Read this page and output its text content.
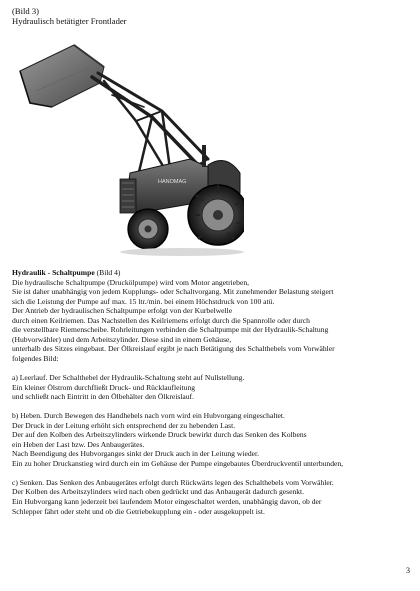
(Bild 3)
Hydraulisch betätigter Frontlader
HANOMAG

Hydraulik - Schaltpumpe (Bild 4)

Die hydraulische Schaltpumpe (Druckölpumpe) wird vom Motor angetrieben,
Sie ist daher unabhängig von jedem Kupplungs- oder Schaltvorgang. Mit zunehmender Belastung steigert
sich die Leistung der Pumpe auf max. 15 ltr./min. bei einem Höchstdruck von 100 atü.
Der Antrieb der hydraulischen Schaltpumpe erfolgt von der Kurbelwelle
durch einen Keilriemen. Das Nachstellen des Keilriemens erfolgt durch die Spannrolle oder durch
die verstellbare Riemenscheibe. Rohrleitungen verbinden die Schaltpumpe mit der Hydraulik-Schaltung
(Hubvorwähler) und dem Arbeitszylinder. Diese sind in einem Gehäuse,
unterhalb des Sitzes eingebaut. Der Ölkreislauf ergibt je nach Betätigung des Schalthebels vom Vorwähler
folgendes Bild:

a) Leerlauf. Der Schalthebel der Hydraulik-Schaltung steht auf Nullstellung.
Ein kleiner Ölstrom durchfließt Druck- und Rücklaufleitung
und schließt nach Eintritt in den Ölbehälter den Ölkreislauf.

b) Heben. Durch Bewegen des Handhebels nach vorn wird ein Hubvorgang eingeschaltet.
Der Druck in der Leitung erhöht sich entsprechend der zu hebenden Last.
Der auf den Kolben des Arbeitszylinders wirkende Druck bewirkt durch das Senken des Kolbens
ein Heben der Last bzw. Des Anbaugerätes.
Nach Beendigung des Hubvorganges sinkt der Druck auch in der Leitung wieder.
Ein zu hoher Druckanstieg wird durch ein im Gehäuse der Pumpe eingebautes Überdruckventil unterbunden,

c) Senken. Das Senken des Anbaugerätes erfolgt durch Rückwärts legen des Schalthebels vom Vorwähler.
Der Kolben des Arbeitszylinders wird nach oben gedrückt und das Anbaugerät dadurch gesenkt.
Ein Hubvorgang kann jederzeit bei laufendem Motor eingeschaltet werden, unabhängig davon, ob der
Schlepper fährt oder steht und ob die Getriebekupplung ein - oder ausgekuppelt ist.

3
